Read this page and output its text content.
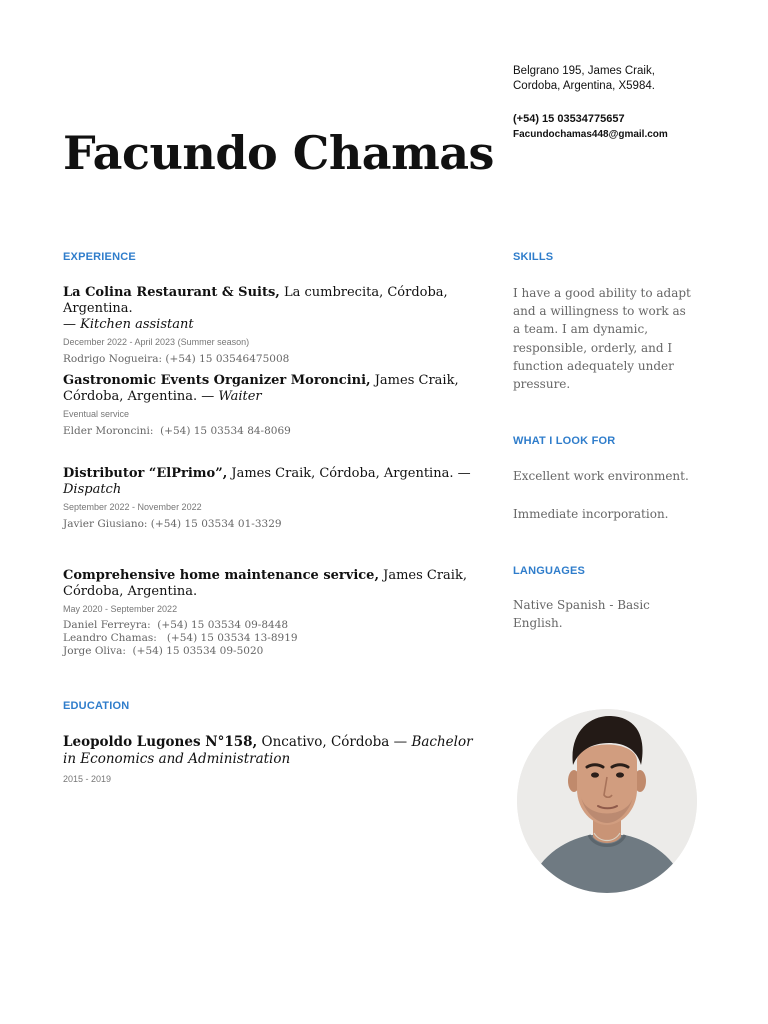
Facundo Chamas
Belgrano 195, James Craik,
Cordoba, Argentina, X5984.
(+54) 15 03534775657
Facundochamas448@gmail.com
EXPERIENCE
La Colina Restaurant & Suits, La cumbrecita, Córdoba, Argentina.
— Kitchen assistant
December 2022 - April 2023 (Summer season)
Rodrigo Nogueira: (+54) 15 03546475008
Gastronomic Events Organizer Moroncini, James Craik, Córdoba, Argentina. — Waiter
Eventual service
Elder Moroncini:  (+54) 15 03534 84-8069
Distributor “ElPrimo”, James Craik, Córdoba, Argentina. — Dispatch
September 2022 - November 2022
Javier Giusiano: (+54) 15 03534 01-3329
Comprehensive home maintenance service, James Craik, Córdoba, Argentina.
May 2020 - September 2022
Daniel Ferreyra:  (+54) 15 03534 09-8448
Leandro Chamas:   (+54) 15 03534 13-8919
Jorge Oliva:  (+54) 15 03534 09-5020
EDUCATION
Leopoldo Lugones N°158, Oncativo, Córdoba — Bachelor in Economics and Administration
2015 - 2019
SKILLS
I have a good ability to adapt and a willingness to work as a team. I am dynamic, responsible, orderly, and I function adequately under pressure.
WHAT I LOOK FOR
Excellent work environment.
Immediate incorporation.
LANGUAGES
Native Spanish - Basic English.
